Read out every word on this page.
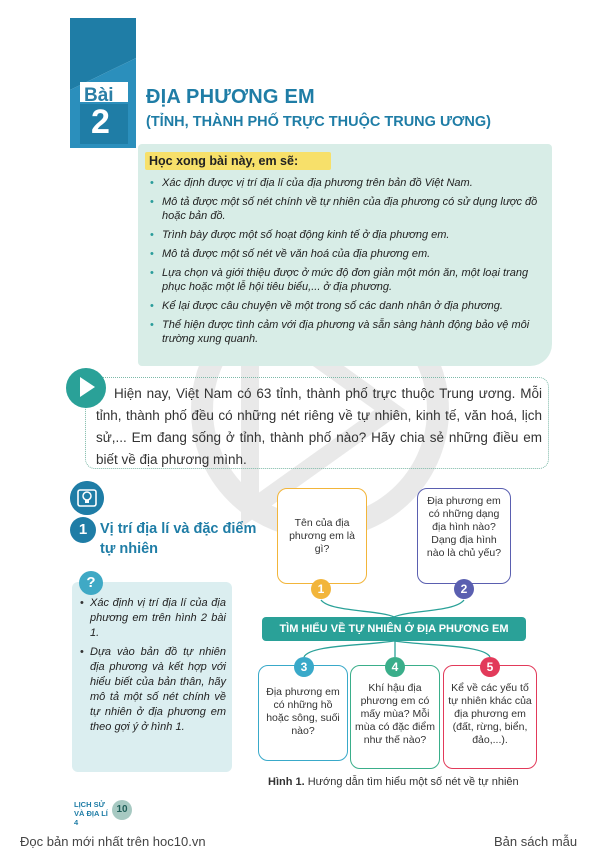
Bài
2
ĐỊA PHƯƠNG EM
(TỈNH, THÀNH PHỐ TRỰC THUỘC TRUNG ƯƠNG)
Học xong bài này, em sẽ:
• Xác định được vị trí địa lí của địa phương trên bản đồ Việt Nam.
• Mô tả được một số nét chính về tự nhiên của địa phương có sử dụng lược đồ hoặc bản đồ.
• Trình bày được một số hoạt động kinh tế ở địa phương em.
• Mô tả được một số nét về văn hoá của địa phương em.
• Lựa chọn và giới thiệu được ở mức độ đơn giản một món ăn, một loại trang phục hoặc một lễ hội tiêu biểu,... ở địa phương.
• Kể lại được câu chuyện về một trong số các danh nhân ở địa phương.
• Thể hiện được tình cảm với địa phương và sẵn sàng hành động bảo vệ môi trường xung quanh.
Hiện nay, Việt Nam có 63 tỉnh, thành phố trực thuộc Trung ương. Mỗi tỉnh, thành phố đều có những nét riêng về tự nhiên, kinh tế, văn hoá, lịch sử,... Em đang sống ở tỉnh, thành phố nào? Hãy chia sẻ những điều em biết về địa phương mình.
1 Vị trí địa lí và đặc điểm tự nhiên
?
• Xác định vị trí địa lí của địa phương em trên hình 2 bài 1.
• Dựa vào bản đồ tự nhiên địa phương và kết hợp với hiểu biết của bản thân, hãy mô tả một số nét chính về tự nhiên ở địa phương em theo gợi ý ở hình 1.
Tên của địa phương em là gì?
Địa phương em có những dạng địa hình nào? Dạng địa hình nào là chủ yếu?
Địa phương em có những hồ hoặc sông, suối nào?
Khí hậu địa phương em có mấy mùa? Mỗi mùa có đặc điểm như thế nào?
Kể về các yếu tố tự nhiên khác của địa phương em (đất, rừng, biển, đảo,...).
1	2
3	4	5
TÌM HIỂU VỀ TỰ NHIÊN Ở ĐỊA PHƯƠNG EM
Hình 1. Hướng dẫn tìm hiểu một số nét về tự nhiên
LỊCH SỬ
VÀ ĐỊA LÍ 4
10
Đọc bản mới nhất trên hoc10.vn	Bản sách mẫu
